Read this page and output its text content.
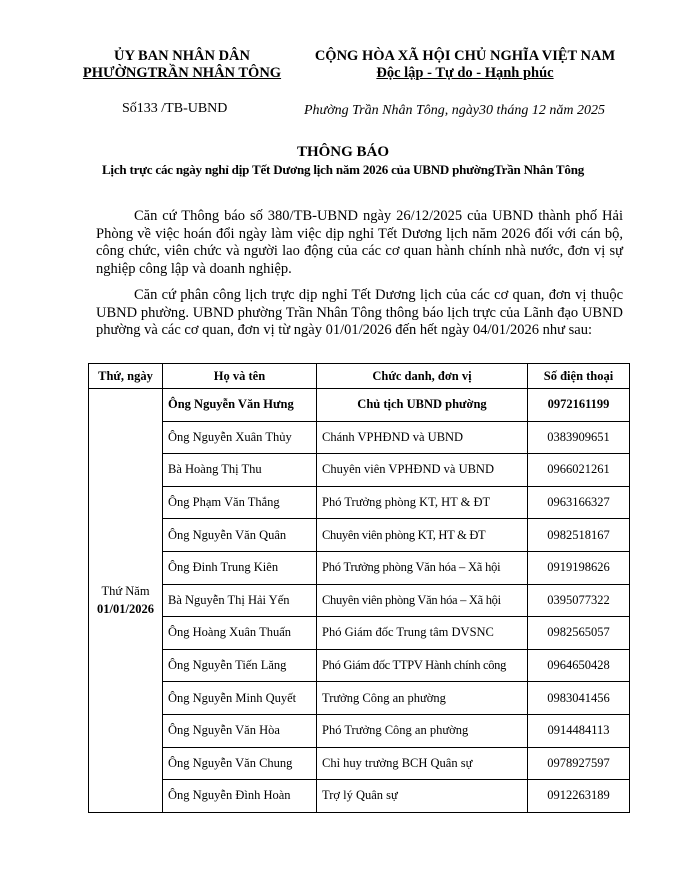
ỦY BAN NHÂN DÂN
PHƯỜNGTRẦN NHÂN TÔNG
CỘNG HÒA XÃ HỘI CHỦ NGHĨA VIỆT NAM
Độc lập - Tự do - Hạnh phúc
Số133 /TB-UBND	Phường Trần Nhân Tông, ngày30 tháng 12 năm 2025
THÔNG BÁO
Lịch trực các ngày nghỉ dịp Tết Dương lịch năm 2026 của UBND phườngTrần Nhân Tông
Căn cứ Thông báo số 380/TB-UBND ngày 26/12/2025 của UBND thành phố Hải Phòng về việc hoán đổi ngày làm việc dịp nghỉ Tết Dương lịch năm 2026 đối với cán bộ, công chức, viên chức và người lao động của các cơ quan hành chính nhà nước, đơn vị sự nghiệp công lập và doanh nghiệp.
Căn cứ phân công lịch trực dịp nghỉ Tết Dương lịch của các cơ quan, đơn vị thuộc UBND phường. UBND phường Trần Nhân Tông thông báo lịch trực của Lãnh đạo UBND phường và các cơ quan, đơn vị từ ngày 01/01/2026 đến hết ngày 04/01/2026 như sau:
Thứ, ngày	Họ và tên	Chức danh, đơn vị	Số điện thoại

Thứ Năm
01/01/2026	Ông Nguyễn Văn Hưng	Chủ tịch UBND phường	0972161199
	Ông Nguyễn Xuân Thủy	Chánh VPHĐND và UBND	0383909651
	Bà Hoàng Thị Thu	Chuyên viên VPHĐND và UBND	0966021261
	Ông Phạm Văn Thắng	Phó Trưởng phòng KT, HT & ĐT	0963166327
	Ông Nguyễn Văn Quân	Chuyên viên phòng KT, HT & ĐT	0982518167
	Ông Đinh Trung Kiên	Phó Trưởng phòng Văn hóa – Xã hội	0919198626
	Bà Nguyễn Thị Hải Yến	Chuyên viên phòng Văn hóa – Xã hội	0395077322
	Ông Hoàng Xuân Thuấn	Phó Giám đốc Trung tâm DVSNC	0982565057
	Ông Nguyễn Tiến Lăng	Phó Giám đốc TTPV Hành chính công	0964650428
	Ông Nguyễn Minh Quyết	Trưởng Công an phường	0983041456
	Ông Nguyễn Văn Hòa	Phó Trưởng Công an phường	0914484113
	Ông Nguyễn Văn Chung	Chỉ huy trưởng BCH Quân sự	0978927597
	Ông Nguyễn Đình Hoàn	Trợ lý Quân sự	0912263189
